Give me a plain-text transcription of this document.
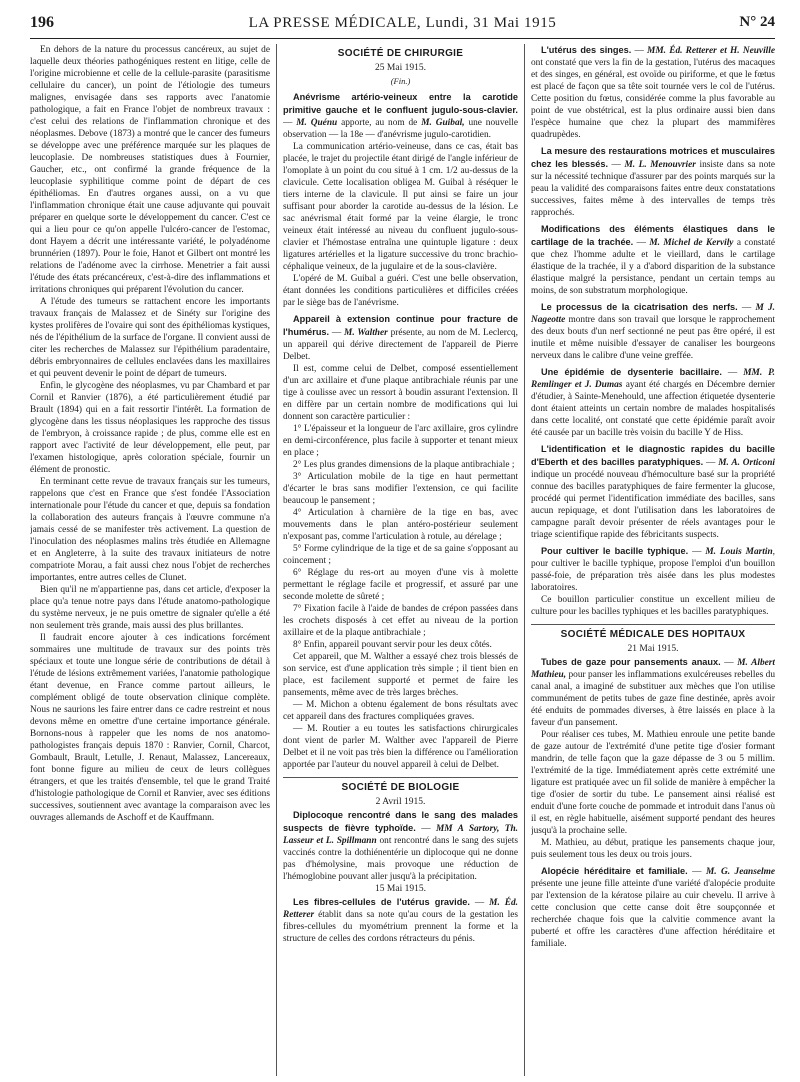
196	LA PRESSE MÉDICALE, Lundi, 31 Mai 1915	N° 24

En dehors de la nature du processus cancéreux, au sujet de laquelle deux théories pathogéniques restent en litige, celle de l'origine microbienne et celle de la cellule-parasite (parasitisme cellulaire du cancer), un point de l'étiologie des tumeurs malignes, envisagée dans ses rapports avec l'anatomie pathologique, a fait en France l'objet de nombreux travaux : c'est celui des relations de l'inflammation chronique et des néoplasmes. Debove (1873) a montré que le cancer des fumeurs se développe avec une préférence marquée sur les plaques de leucoplasie. De nombreuses statistiques dues à Fournier, Gaucher, etc., ont confirmé la grande fréquence de la leucoplasie syphilitique comme point de départ de ces épithéliomas. En d'autres organes aussi, on a vu que l'inflammation chronique était une cause adjuvante qui pouvait préparer en quelque sorte le développement du cancer. C'est ce qui a lieu pour ce qu'on appelle l'ulcéro-cancer de l'estomac, dont Hayem a décrit une intéressante variété, le polyadénome brunnérien (1897). Pour le foie, Hanot et Gilbert ont montré les relations de l'adénome avec la cirrhose. Menetrier a fait aussi l'étude des états précancéreux, c'est-à-dire des inflammations et irritations chroniques qui préparent l'évolution du cancer.

A l'étude des tumeurs se rattachent encore les importants travaux français de Malassez et de Sinéty sur l'origine des kystes prolifères de l'ovaire qui sont des épithéliomas kystiques, nés de l'épithélium de la surface de l'organe. Il convient aussi de citer les recherches de Malassez sur l'épithélium paradentaire, débris embryonnaires de cellules enclavées dans les maxillaires et qui peuvent devenir le point de départ de tumeurs.

Enfin, le glycogène des néoplasmes, vu par Chambard et par Cornil et Ranvier (1876), a été particulièrement étudié par Brault (1894) qui en a fait ressortir l'intérêt. La formation de glycogène dans les tissus néoplasiques les rapproche des tissus de l'embryon, à croissance rapide ; de plus, comme elle est en rapport avec l'activité de leur développement, elle peut, par l'examen histologique, après coloration spéciale, fournir un élément de pronostic.

En terminant cette revue de travaux français sur les tumeurs, rappelons que c'est en France que s'est fondée l'Association internationale pour l'étude du cancer et que, depuis sa fondation la collaboration des auteurs français à l'œuvre commune n'a jamais cessé de se manifester très activement. La question de l'inoculation des néoplasmes malins très étudiée en Allemagne et en Angleterre, à la suite des travaux initiateurs de notre compatriote Morau, a fait aussi chez nous l'objet de recherches importantes, entre autres celles de Clunet.

Bien qu'il ne m'appartienne pas, dans cet article, d'exposer la place qu'a tenue notre pays dans l'étude anatomo-pathologique du système nerveux, je ne puis omettre de signaler qu'elle a été non seulement très grande, mais aussi des plus brillantes.

Il faudrait encore ajouter à ces indications forcément sommaires une multitude de travaux sur des points très spéciaux et toute une longue série de contributions de détail à l'étude de lésions extrêmement variées, l'anatomie pathologique étant devenue, en France comme partout ailleurs, le complément obligé de toute observation clinique complète. Nous ne saurions les faire entrer dans ce cadre restreint et nous devons même en omettre d'une certaine importance générale. Bornons-nous à rappeler que les noms de nos anatomo-pathologistes français depuis 1870 : Ranvier, Cornil, Charcot, Gombault, Brault, Letulle, J. Renaut, Malassez, Lancereaux, font bonne figure au milieu de ceux de leurs collègues étrangers, et que les traités d'ensemble, tel que le grand Traité d'histologie pathologique de Cornil et Ranvier, avec ses éditions successives, soutiennent avec avantage la comparaison avec les ouvrages allemands de Aschoff et de Kauffmann.

SOCIÉTÉ DE CHIRURGIE
25 Mai 1915.
(Fin.)

Anévrisme artério-veineux entre la carotide primitive gauche et le confluent jugulo-sous-clavier. — M. Quénu apporte, au nom de M. Guibal, une nouvelle observation — la 18e — d'anévrisme jugulo-carotidien.

La communication artério-veineuse, dans ce cas, était bas placée, le trajet du projectile étant dirigé de l'angle inférieur de l'omoplate à un point du cou situé à 1 cm. 1/2 au-dessus de la clavicule. Cette localisation obligea M. Guibal à réséquer le tiers interne de la clavicule. Il put ainsi se faire un jour suffisant pour aborder la carotide au-dessus de la lésion. Le sac anévrismal était formé par la veine élargie, le tronc veineux était intéressé au niveau du confluent jugulo-sous-clavier et l'hémostase entraîna une quintuple ligature : deux ligatures artérielles et la ligature successive du tronc brachio-céphalique veineux, de la jugulaire et de la sous-clavière.

L'opéré de M. Guibal a guéri. C'est une belle observation, étant données les conditions particulières et difficiles créées par le siège bas de l'anévrisme.

Appareil à extension continue pour fracture de l'humérus. — M. Walther présente, au nom de M. Leclercq, un appareil qui dérive directement de l'appareil de Pierre Delbet.

Il est, comme celui de Delbet, composé essentiellement d'un arc axillaire et d'une plaque antibrachiale réunis par une tige à coulisse avec un ressort à boudin assurant l'extension. Il en diffère par un certain nombre de modifications qui lui donnent son caractère particulier :

1° L'épaisseur et la longueur de l'arc axillaire, gros cylindre en demi-circonférence, plus facile à supporter et tenant mieux en place ;

2° Les plus grandes dimensions de la plaque antibrachiale ;

3° Articulation mobile de la tige en haut permettant d'écarter le bras sans modifier l'extension, ce qui facilite beaucoup le pansement ;

4° Articulation à charnière de la tige en bas, avec mouvements dans le plan antéro-postérieur seulement n'exposant pas, comme l'articulation à rotule, au dérelage ;

5° Forme cylindrique de la tige et de sa gaine s'opposant au coincement ;

6° Réglage du res-ort au moyen d'une vis à molette permettant le réglage facile et progressif, et assuré par une seconde molette de sûreté ;

7° Fixation facile à l'aide de bandes de crépon passées dans les crochets disposés à cet effet au niveau de la portion axillaire et de la plaque antibrachiale ;

8° Enfin, appareil pouvant servir pour les deux côtés.

Cet appareil, que M. Walther a essayé chez trois blessés de son service, est d'une application très simple ; il tient bien en place, est facilement supporté et permet de faire les pansements, même avec de très larges brèches.

— M. Michon a obtenu également de bons résultats avec cet appareil dans des fractures compliquées graves.

— M. Routier a eu toutes les satisfactions chirurgicales dont vient de parler M. Walther avec l'appareil de Pierre Delbet et il ne voit pas très bien la différence ou l'amélioration apportée par l'auteur du nouvel appareil à celui de Delbet.

SOCIÉTÉ DE BIOLOGIE
2 Avril 1915.

Diplocoque rencontré dans le sang des malades suspects de fièvre typhoïde. — MM A Sartory, Th. Lasseur et L. Spillmann ont rencontré dans le sang des sujets vaccinés contre la dothiénentérie un diplocoque qui ne donne pas d'hémolysine, mais provoque une réduction de l'hémoglobine pouvant aller jusqu'à la précipitation.

15 Mai 1915.

Les fibres-cellules de l'utérus gravide. — M. Éd. Retterer établit dans sa note qu'au cours de la gestation les fibres-cellules du myométrium prennent la forme et la structure de celles des cordons rétracteurs du pénis.

L'utérus des singes. — MM. Éd. Retterer et H. Neuville ont constaté que vers la fin de la gestation, l'utérus des macaques et des singes, en général, est ovoïde ou piriforme, et que le fœtus est placé de façon que sa tête soit tournée vers le col de l'utérus. Cette position du fœtus, considérée comme la plus favorable au point de vue obstétrical, est la plus ordinaire aussi bien dans l'espèce humaine que chez la plupart des mammifères quadrupèdes.

La mesure des restaurations motrices et musculaires chez les blessés. — M. L. Menouvrier insiste dans sa note sur la nécessité technique d'assurer par des points marqués sur la peau la validité des comparaisons faites entre deux constatations successives, faites même à des intervalles de temps très rapprochés.

Modifications des éléments élastiques dans le cartilage de la trachée. — M. Michel de Kervily a constaté que chez l'homme adulte et le vieillard, dans le cartilage élastique de la trachée, il y a d'abord disparition de la substance élastique malgré la persistance, pendant un certain temps au moins, de son substratum morphologique.

Le processus de la cicatrisation des nerfs. — M J. Nageotte montre dans son travail que lorsque le rapprochement des deux bouts d'un nerf sectionné ne peut pas être opéré, il est inutile et même nuisible d'essayer de canaliser les bourgeons nerveux dans le calibre d'une veine greffée.

Une épidémie de dysenterie bacillaire. — MM. P. Remlinger et J. Dumas ayant été chargés en Décembre dernier d'étudier, à Sainte-Menehould, une affection étiquetée dysenterie dont étaient atteints un certain nombre de malades hospitalisés dans cette localité, ont constaté que cette épidémie paraît avoir été causée par un bacille très voisin du bacille Y de Hiss.

L'identification et le diagnostic rapides du bacille d'Eberth et des bacilles paratyphiques. — M. A. Orticoni indique un procédé nouveau d'hémoculture basé sur la propriété connue des bacilles paratyphiques de faire fermenter la glucose, procédé qui permet l'identification immédiate des bacilles, sans aucun repiquage, et dont l'utilisation dans les laboratoires de campagne paraît devoir présenter de réels avantages pour le triage scientifique rapide des fébricitants suspects.

Pour cultiver le bacille typhique. — M. Louis Martin, pour cultiver le bacille typhique, propose l'emploi d'un bouillon passé-foie, de préparation très aisée dans les plus modestes laboratoires.

Ce bouillon particulier constitue un excellent milieu de culture pour les bacilles typhiques et les bacilles paratyphiques.

SOCIÉTÉ MÉDICALE DES HOPITAUX
21 Mai 1915.

Tubes de gaze pour pansements anaux. — M. Albert Mathieu, pour panser les inflammations exulcéreuses rebelles du canal anal, a imaginé de substituer aux mèches que l'on utilise communément de petits tubes de gaze fine destinée, après avoir été enduits de pommades diverses, à être laissés en place à la faveur d'un pansement.

Pour réaliser ces tubes, M. Mathieu enroule une petite bande de gaze autour de l'extrémité d'une petite tige d'osier formant mandrin, de telle façon que la gaze dépasse de 3 ou 5 millim. l'extrémité de la tige. Immédiatement après cette extrémité une ligature est pratiquée avec un fil solide de manière à empêcher la tige d'osier de sortir du tube. Le pansement ainsi réalisé est enduit d'une forte couche de pommade et introduit dans l'anus où il est, en règle habituelle, aisément supporté pendant des heures jusqu'à la prochaine selle.

M. Mathieu, au début, pratique les pansements chaque jour, puis seulement tous les deux ou trois jours.

Alopécie héréditaire et familiale. — M. G. Jeanselme présente une jeune fille atteinte d'une variété d'alopécie produite par l'extension de la kératose pilaire au cuir chevelu. Il arrive à cette conclusion que cette canse doit être soupçonnée et recherchée chaque fois que la calvitie commence avant la puberté et offre les caractères d'une affection héréditaire et familiale.
